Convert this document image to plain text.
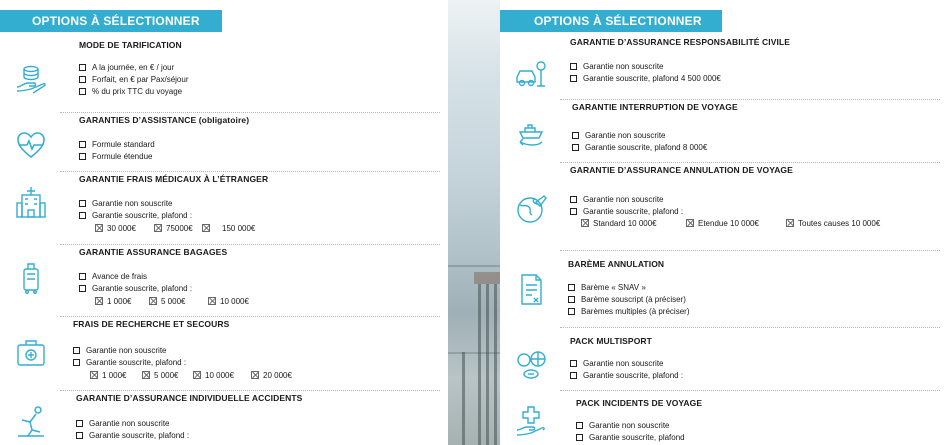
OPTIONS À SÉLECTIONNER
MODE DE TARIFICATION
A la journée, en € / jour
Forfait, en € par Pax/séjour
% du prix TTC du voyage
GARANTIES D’ASSISTANCE (obligatoire)
Formule standard
Formule étendue
GARANTIE FRAIS MÉDICAUX À L’ÉTRANGER
Garantie non souscrite
Garantie souscrite, plafond :
30 000€	75000€	150 000€
GARANTIE ASSURANCE BAGAGES
Avance de frais
Garantie souscrite, plafond :
1 000€	5 000€	10 000€
FRAIS DE RECHERCHE ET SECOURS
Garantie non souscrite
Garantie souscrite, plafond :
1 000€	5 000€	10 000€	20 000€
GARANTIE D’ASSURANCE INDIVIDUELLE ACCIDENTS
Garantie non souscrite
Garantie souscrite, plafond :
OPTIONS À SÉLECTIONNER
GARANTIE D’ASSURANCE RESPONSABILITÉ CIVILE
Garantie non souscrite
Garantie souscrite, plafond 4 500 000€
GARANTIE INTERRUPTION DE VOYAGE
Garantie non souscrite
Garantie souscrite, plafond 8 000€
GARANTIE D’ASSURANCE ANNULATION DE VOYAGE
Garantie non souscrite
Garantie souscrite, plafond :
Standard 10 000€	Etendue 10 000€	Toutes causes 10 000€
BARÈME ANNULATION
Barème « SNAV »
Barème souscript (à préciser)
Barèmes multiples (à préciser)
PACK MULTISPORT
Garantie non souscrite
Garantie souscrite, plafond :
PACK INCIDENTS DE VOYAGE
Garantie non souscrite
Garantie souscrite, plafond
